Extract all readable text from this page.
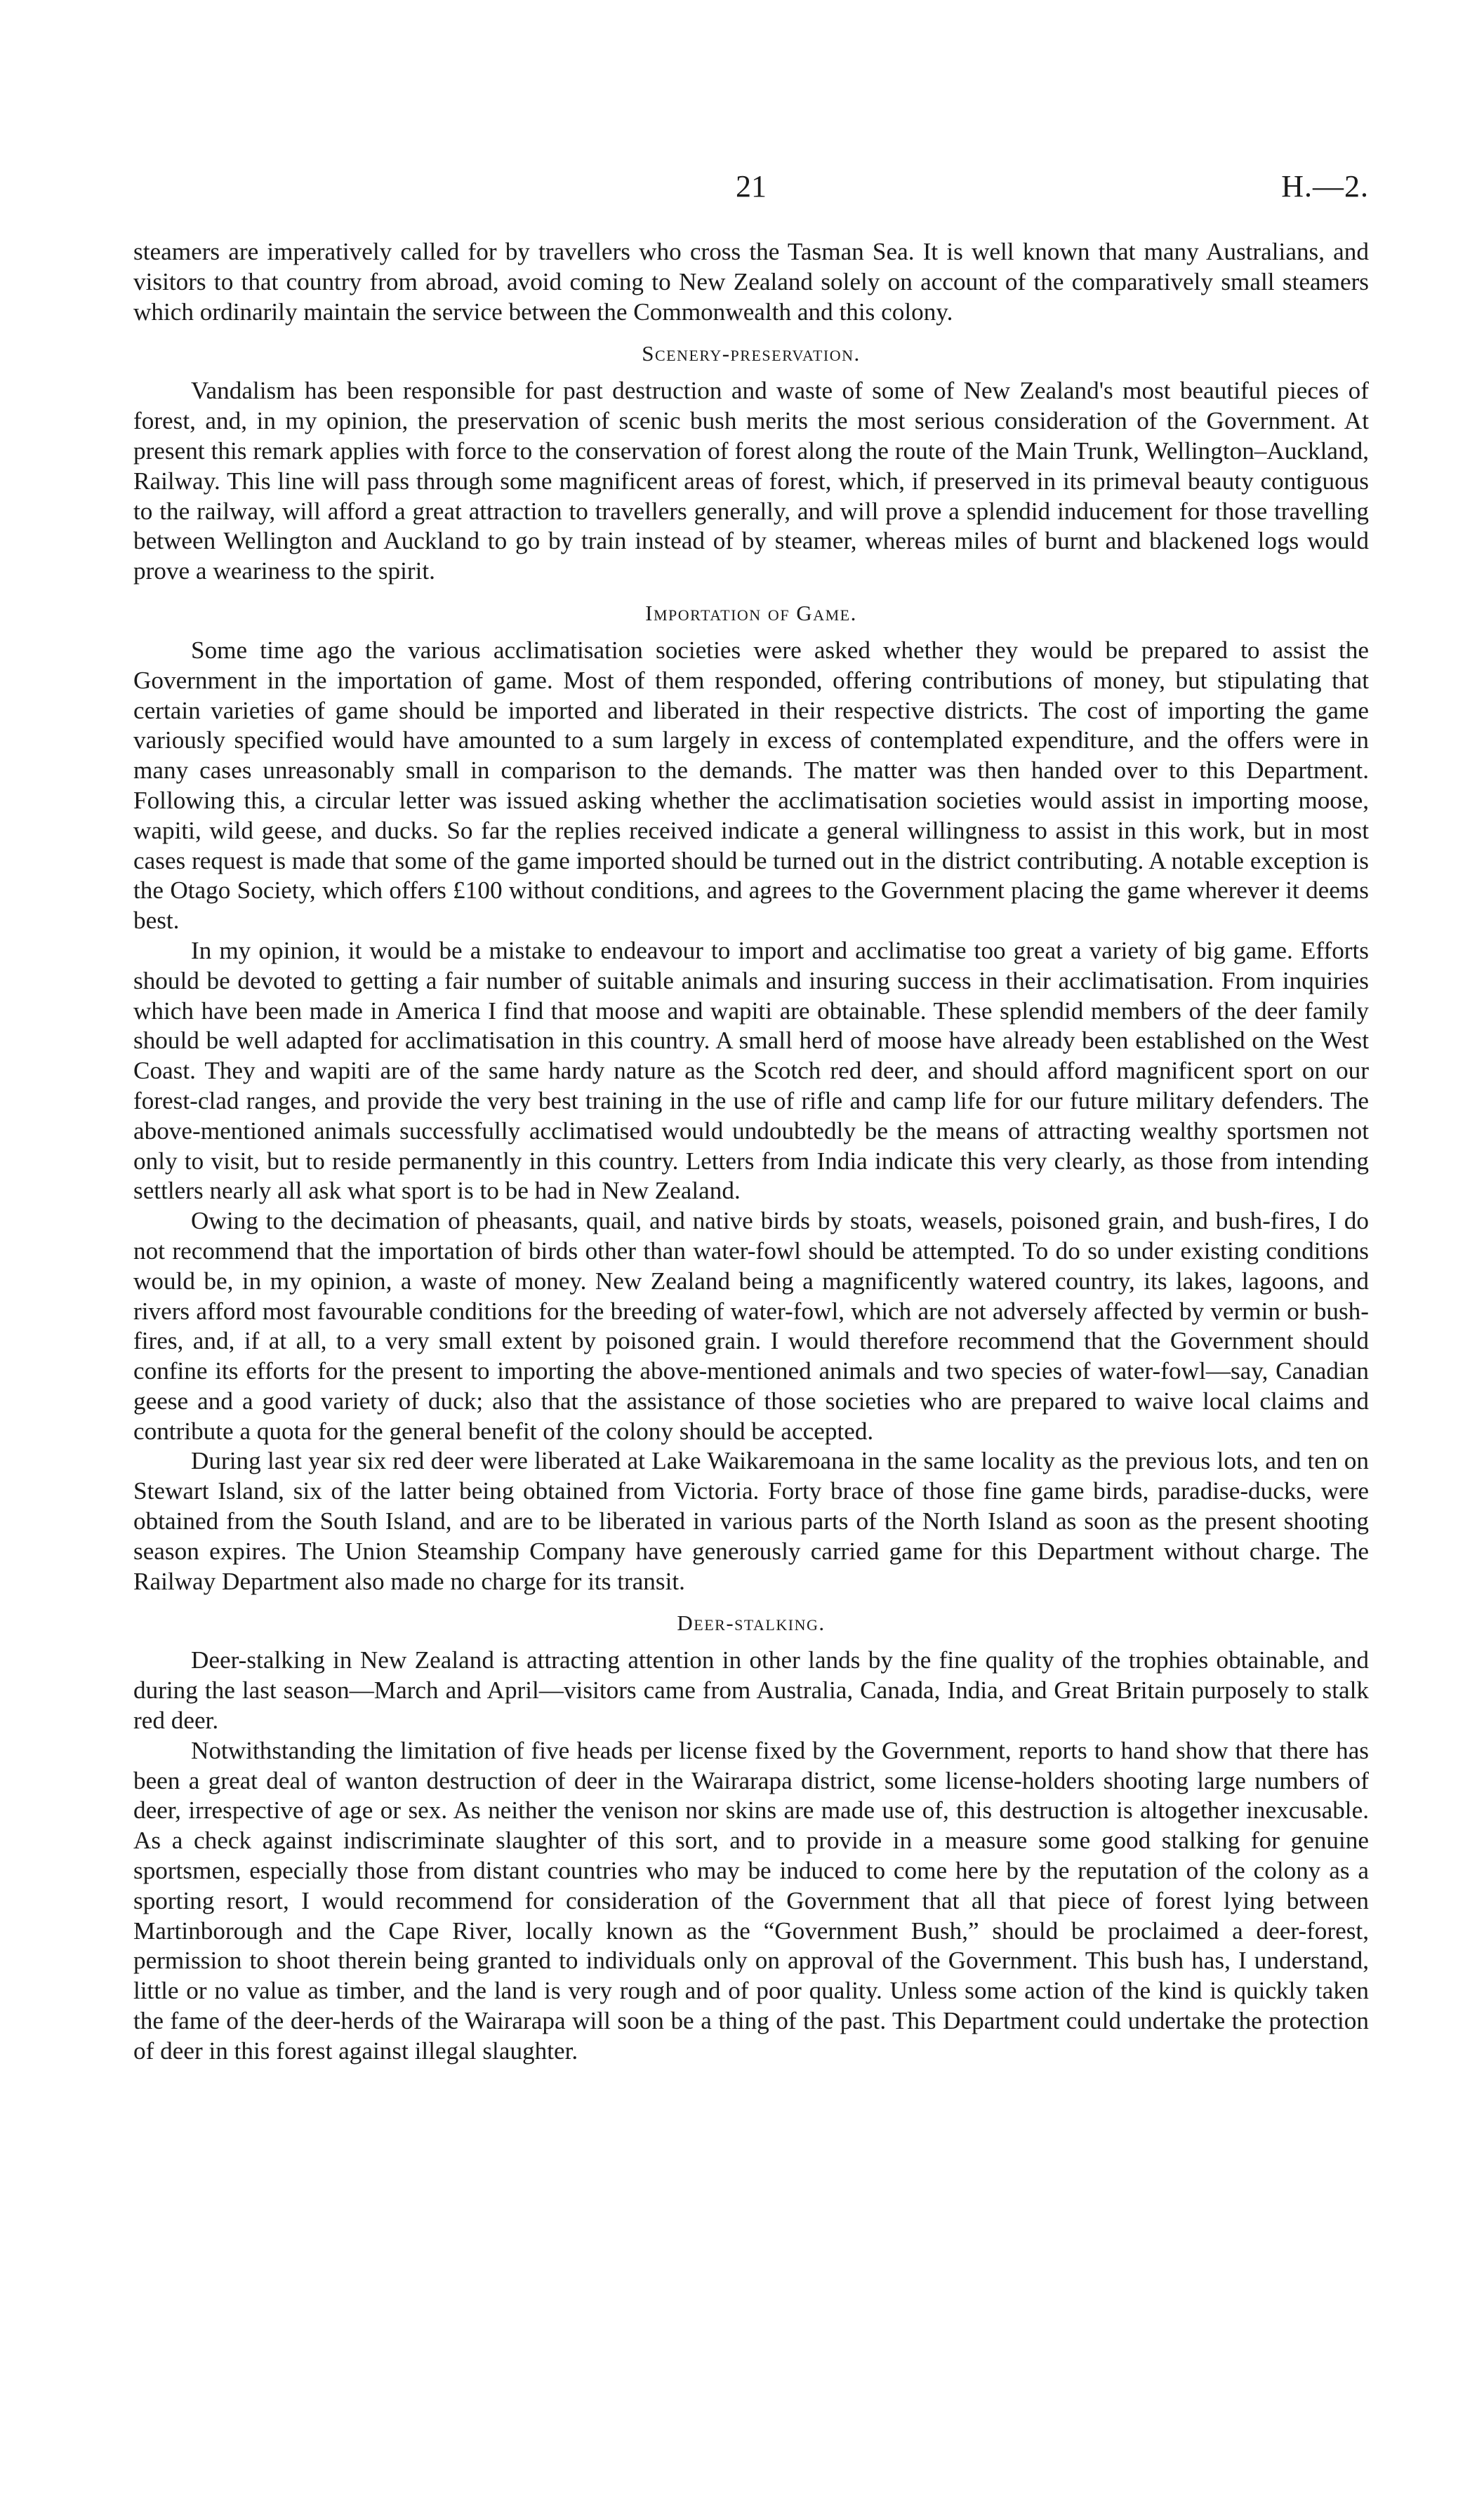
21	H.—2.

steamers are imperatively called for by travellers who cross the Tasman Sea. It is well known that many Australians, and visitors to that country from abroad, avoid coming to New Zealand solely on account of the comparatively small steamers which ordinarily maintain the service between the Commonwealth and this colony.

Scenery-preservation.

Vandalism has been responsible for past destruction and waste of some of New Zealand's most beautiful pieces of forest, and, in my opinion, the preservation of scenic bush merits the most serious consideration of the Government. At present this remark applies with force to the conservation of forest along the route of the Main Trunk, Wellington–Auckland, Railway. This line will pass through some magnificent areas of forest, which, if preserved in its primeval beauty contiguous to the railway, will afford a great attraction to travellers generally, and will prove a splendid inducement for those travelling between Wellington and Auckland to go by train instead of by steamer, whereas miles of burnt and blackened logs would prove a weariness to the spirit.

Importation of Game.

Some time ago the various acclimatisation societies were asked whether they would be prepared to assist the Government in the importation of game. Most of them responded, offering contributions of money, but stipulating that certain varieties of game should be imported and liberated in their respective districts. The cost of importing the game variously specified would have amounted to a sum largely in excess of contemplated expenditure, and the offers were in many cases unreasonably small in comparison to the demands. The matter was then handed over to this Department. Following this, a circular letter was issued asking whether the acclimatisation societies would assist in importing moose, wapiti, wild geese, and ducks. So far the replies received indicate a general willingness to assist in this work, but in most cases request is made that some of the game imported should be turned out in the district contributing. A notable exception is the Otago Society, which offers £100 without conditions, and agrees to the Government placing the game wherever it deems best.

In my opinion, it would be a mistake to endeavour to import and acclimatise too great a variety of big game. Efforts should be devoted to getting a fair number of suitable animals and insuring success in their acclimatisation. From inquiries which have been made in America I find that moose and wapiti are obtainable. These splendid members of the deer family should be well adapted for acclimatisation in this country. A small herd of moose have already been established on the West Coast. They and wapiti are of the same hardy nature as the Scotch red deer, and should afford magnificent sport on our forest-clad ranges, and provide the very best training in the use of rifle and camp life for our future military defenders. The above-mentioned animals successfully acclimatised would undoubtedly be the means of attracting wealthy sportsmen not only to visit, but to reside permanently in this country. Letters from India indicate this very clearly, as those from intending settlers nearly all ask what sport is to be had in New Zealand.

Owing to the decimation of pheasants, quail, and native birds by stoats, weasels, poisoned grain, and bush-fires, I do not recommend that the importation of birds other than water-fowl should be attempted. To do so under existing conditions would be, in my opinion, a waste of money. New Zealand being a magnificently watered country, its lakes, lagoons, and rivers afford most favourable conditions for the breeding of water-fowl, which are not adversely affected by vermin or bush-fires, and, if at all, to a very small extent by poisoned grain. I would therefore recommend that the Government should confine its efforts for the present to importing the above-mentioned animals and two species of water-fowl—say, Canadian geese and a good variety of duck; also that the assistance of those societies who are prepared to waive local claims and contribute a quota for the general benefit of the colony should be accepted.

During last year six red deer were liberated at Lake Waikaremoana in the same locality as the previous lots, and ten on Stewart Island, six of the latter being obtained from Victoria. Forty brace of those fine game birds, paradise-ducks, were obtained from the South Island, and are to be liberated in various parts of the North Island as soon as the present shooting season expires. The Union Steamship Company have generously carried game for this Department without charge. The Railway Department also made no charge for its transit.

Deer-stalking.

Deer-stalking in New Zealand is attracting attention in other lands by the fine quality of the trophies obtainable, and during the last season—March and April—visitors came from Australia, Canada, India, and Great Britain purposely to stalk red deer.

Notwithstanding the limitation of five heads per license fixed by the Government, reports to hand show that there has been a great deal of wanton destruction of deer in the Wairarapa district, some license-holders shooting large numbers of deer, irrespective of age or sex. As neither the venison nor skins are made use of, this destruction is altogether inexcusable. As a check against indiscriminate slaughter of this sort, and to provide in a measure some good stalking for genuine sportsmen, especially those from distant countries who may be induced to come here by the reputation of the colony as a sporting resort, I would recommend for consideration of the Government that all that piece of forest lying between Martinborough and the Cape River, locally known as the “Government Bush,” should be proclaimed a deer-forest, permission to shoot therein being granted to individuals only on approval of the Government. This bush has, I understand, little or no value as timber, and the land is very rough and of poor quality. Unless some action of the kind is quickly taken the fame of the deer-herds of the Wairarapa will soon be a thing of the past. This Department could undertake the protection of deer in this forest against illegal slaughter.
